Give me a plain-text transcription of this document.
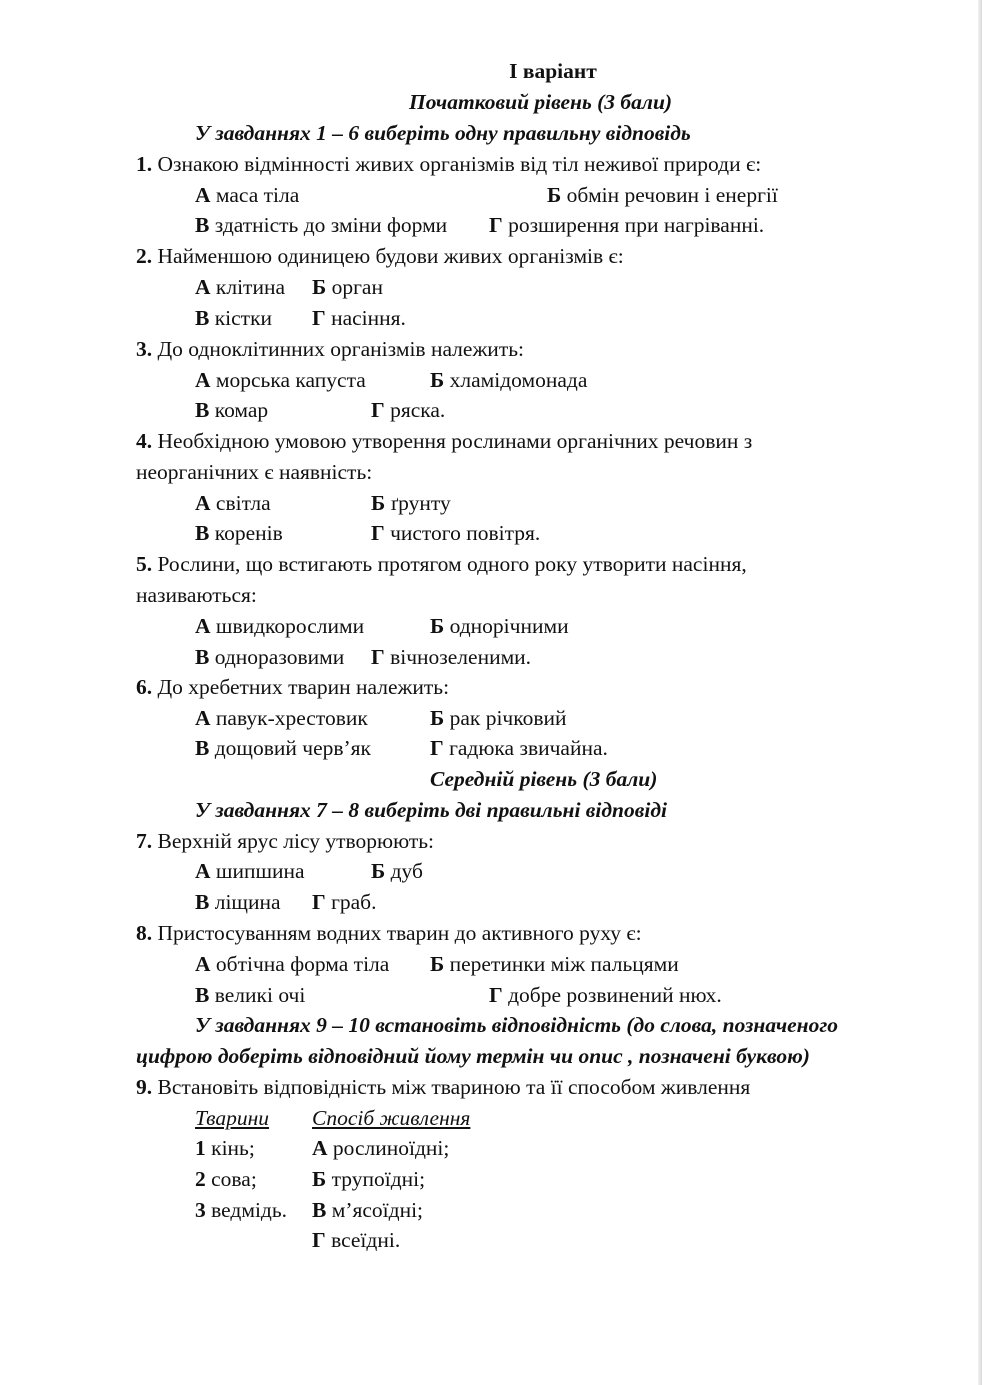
І варіант
Початковий рівень (3 бали)
У завданнях 1 – 6 виберіть одну правильну відповідь
1. Ознакою відмінності живих організмів від тіл неживої природи є:
А маса тіла	Б обмін речовин і енергії
В здатність до зміни форми Г розширення при нагріванні.
2. Найменшою одиницею будови живих організмів є:
А клітина Б орган
В кістки Г насіння.
3. До одноклітинних організмів належить:
А морська капуста	Б хламідомонада
В комар	Г ряска.
4. Необхідною умовою утворення рослинами органічних речовин з
неорганічних є наявність:
А світла	Б ґрунту
В коренів	Г чистого повітря.
5. Рослини, що встигають протягом одного року утворити насіння,
називаються:
А швидкорослими	Б однорічними
В одноразовими Г вічнозеленими.
6. До хребетних тварин належить:
А павук-хрестовик	Б рак річковий
В дощовий черв’як	Г гадюка звичайна.
Середній рівень (3 бали)
У завданнях 7 – 8 виберіть дві правильні відповіді
7. Верхній ярус лісу утворюють:
А шипшина	Б дуб
В ліщина Г граб.
8. Пристосуванням водних тварин до активного руху є:
А обтічна форма тіла Б перетинки між пальцями
В великі очі	Г добре розвинений нюх.
У завданнях 9 – 10 встановіть відповідність (до слова, позначеного
цифрою доберіть відповідний йому термін чи опис , позначені буквою)
9. Встановіть відповідність між твариною та її способом живлення
Тварини Спосіб живлення
1 кінь;	А рослиноїдні;
2 сова;	Б трупоїдні;
3 ведмідь. В м’ясоїдні;
Г всеїдні.
